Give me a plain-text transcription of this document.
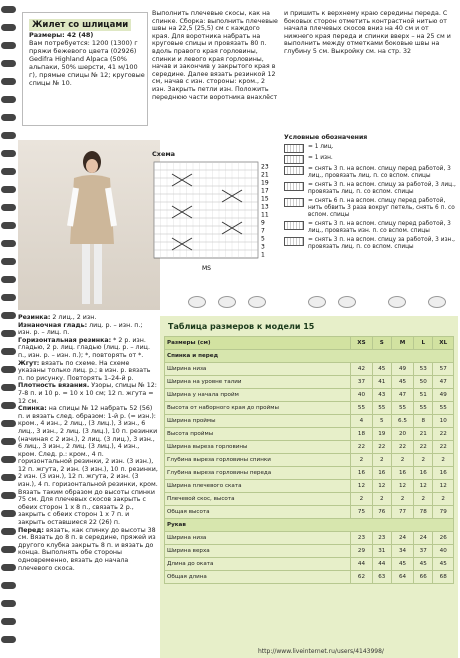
Жилет со шлицами
Размеры: 42 (48)
Вам потребуется: 1200 (1300) г пряжи бежевого цвета (02926) Gedifra Highland Alpaca (50% альпаки, 50% шерсти, 41 м/100 г), прямые спицы № 12; круговые спицы № 10.
Резинка: 2 лиц., 2 изн.
Изнаночная гладь: лиц. р. – изн. п.; изн. р. – лиц. п.
Горизонтальная резинка: * 2 р. изн. гладью, 2 р. лиц. гладью (лиц. р. – лиц. п., изн. р. – изн. п.); *, повторять от *.
Жгут: вязать по схеме. На схеме указаны только лиц. р.; в изн. р. вязать п. по рисунку. Повторять 1–24-й р.
Плотность вязания. Узоры, спицы № 12: 7-8 п. и 10 р. = 10 x 10 см; 12 п. жгута = 12 см.
Спинка: на спицы № 12 набрать 52 (56) п. и вязать след. образом: 1-й р. (= изн.): кром., 4 изн., 2 лиц., (3 лиц.), 3 изн., 6 лиц., 3 изн., 2 лиц. (3 лиц.), 10 п. резинки (начиная с 2 изн.), 2 лиц. (3 лиц.), 3 изн., 6 лиц., 3 изн., 2 лиц. (3 лиц.), 4 изн., кром. След. р.: кром., 4 п. горизонтальной резинки, 2 изн. (3 изн.), 12 п. жгута, 2 изн. (3 изн.), 10 п. резинки, 2 изн. (3 изн.), 12 п. жгута, 2 изн. (3 изн.), 4 п. горизонтальной резинки, кром. Вязать таким образом до высоты спинки 75 см. Для плечевых скосов закрыть с обеих сторон 1 х 8 п., связать 2 р., закрыть с обеих сторон 1 х 7 п. и закрыть оставшиеся 22 (26) п.
Перед: вязать, как спинку до высоты 38 см. Вязать до 8 п. в середине, пряжей из другого клубка закрыть 8 п. и вязать до конца. Выполнять обе стороны одновременно, вязать до начала плечевого скоса.
Выполнить плечевые скосы, как на спинке. Сборка: выполнить плечевые швы на 22,5 (25,5) см с каждого края. Для воротника набрать на круговые спицы и провязать 80 п. вдоль правого края горловины, спинки и левого края горловины, начав и закончив у закрытого края в середине. Далее вязать резинкой 12 см, начав с изн. стороны: кром., 2 изн. Закрыть петли изн. Положить переднюю части воротника внахлёст
и пришить к верхнему краю середины переда. С боковых сторон отметить контрастной нитью от начала плечевых скосов вниз на 40 см и от нижнего края переда и спинки вверх – на 25 см и выполнить между отметками боковые швы на глубину 5 см. Выкройку см. на стр. 32
Схема
23
21
19
17
15
13
11
9
7
5
3
1
MS
Условные обозначения
= 1 лиц.
= 1 изн.
= снять 3 п. на вспом. спицу перед работой, 3 лиц., провязать лиц. п. со вспом. спицы
= снять 3 п. на вспом. спицу за работой, 3 лиц., провязать лиц. п. со вспом. спицы
= снять 6 п. на вспом. спицу перед работой, нить обвить 3 раза вокруг петель, снять 6 п. со вспом. спицы
= снять 3 п. на вспом. спицу перед работой, 3 лиц., провязать изн. п. со вспом. спицы
= снять 3 п. на вспом. спицу за работой, 3 изн., провязать лиц. п. со вспом. спицы
Таблица размеров к модели 15
Размеры (см)	XS	S	M	L	XL
Спинка и перед					
Ширина низа	42	45	49	53	57
Ширина на уровне талии	37	41	45	50	47
Ширина у начала пройм	40	43	47	51	49
Высота от наборного края до проймы	55	55	55	55	55
Ширина проймы	4	5	6.5	8	10
Высота проймы	18	19	20	21	22
Ширина выреза горловины	22	22	22	22	22
Глубина выреза горловины спинки	2	2	2	2	2
Глубина выреза горловины переда	16	16	16	16	16
Ширина плечевого ската	12	12	12	12	12
Плечевой скос, высота	2	2	2	2	2
Общая высота	75	76	77	78	79
Рукав					
Ширина низа	23	23	24	24	26
Ширина верха	29	31	34	37	40
Длина до оката	44	44	45	45	45
Общая длина	62	63	64	66	68
http://www.liveinternet.ru/users/4143998/
